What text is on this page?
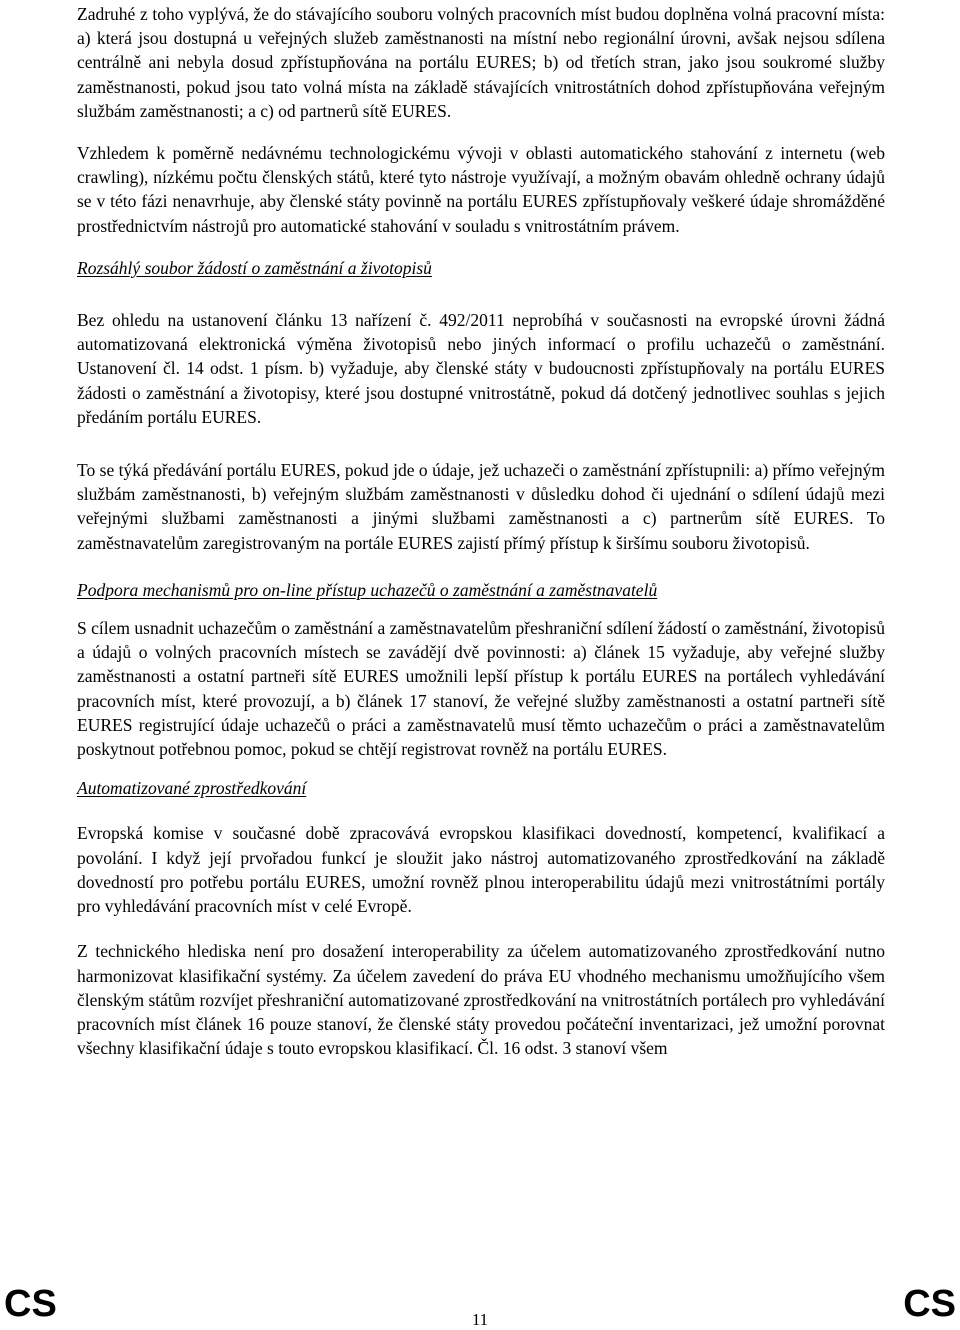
Zadruhé z toho vyplývá, že do stávajícího souboru volných pracovních míst budou doplněna volná pracovní místa: a) která jsou dostupná u veřejných služeb zaměstnanosti na místní nebo regionální úrovni, avšak nejsou sdílena centrálně ani nebyla dosud zpřístupňována na portálu EURES; b) od třetích stran, jako jsou soukromé služby zaměstnanosti, pokud jsou tato volná místa na základě stávajících vnitrostátních dohod zpřístupňována veřejným službám zaměstnanosti; a c) od partnerů sítě EURES.

Vzhledem k poměrně nedávnému technologickému vývoji v oblasti automatického stahování z internetu (web crawling), nízkému počtu členských států, které tyto nástroje využívají, a možným obavám ohledně ochrany údajů se v této fázi nenavrhuje, aby členské státy povinně na portálu EURES zpřístupňovaly veškeré údaje shromážděné prostřednictvím nástrojů pro automatické stahování v souladu s vnitrostátním právem.

Rozsáhlý soubor žádostí o zaměstnání a životopisů

Bez ohledu na ustanovení článku 13 nařízení č. 492/2011 neprobíhá v současnosti na evropské úrovni žádná automatizovaná elektronická výměna životopisů nebo jiných informací o profilu uchazečů o zaměstnání. Ustanovení čl. 14 odst. 1 písm. b) vyžaduje, aby členské státy v budoucnosti zpřístupňovaly na portálu EURES žádosti o zaměstnání a životopisy, které jsou dostupné vnitrostátně, pokud dá dotčený jednotlivec souhlas s jejich předáním portálu EURES.

To se týká předávání portálu EURES, pokud jde o údaje, jež uchazeči o zaměstnání zpřístupnili: a) přímo veřejným službám zaměstnanosti, b) veřejným službám zaměstnanosti v důsledku dohod či ujednání o sdílení údajů mezi veřejnými službami zaměstnanosti a jinými službami zaměstnanosti a c) partnerům sítě EURES. To zaměstnavatelům zaregistrovaným na portále EURES zajistí přímý přístup k širšímu souboru životopisů.

Podpora mechanismů pro on-line přístup uchazečů o zaměstnání a zaměstnavatelů

S cílem usnadnit uchazečům o zaměstnání a zaměstnavatelům přeshraniční sdílení žádostí o zaměstnání, životopisů a údajů o volných pracovních místech se zavádějí dvě povinnosti: a) článek 15 vyžaduje, aby veřejné služby zaměstnanosti a ostatní partneři sítě EURES umožnili lepší přístup k portálu EURES na portálech vyhledávání pracovních míst, které provozují, a b) článek 17 stanoví, že veřejné služby zaměstnanosti a ostatní partneři sítě EURES registrující údaje uchazečů o práci a zaměstnavatelů musí těmto uchazečům o práci a zaměstnavatelům poskytnout potřebnou pomoc, pokud se chtějí registrovat rovněž na portálu EURES.

Automatizované zprostředkování

Evropská komise v současné době zpracovává evropskou klasifikaci dovedností, kompetencí, kvalifikací a povolání. I když její prvořadou funkcí je sloužit jako nástroj automatizovaného zprostředkování na základě dovedností pro potřebu portálu EURES, umožní rovněž plnou interoperabilitu údajů mezi vnitrostátními portály pro vyhledávání pracovních míst v celé Evropě.

Z technického hlediska není pro dosažení interoperability za účelem automatizovaného zprostředkování nutno harmonizovat klasifikační systémy. Za účelem zavedení do práva EU vhodného mechanismu umožňujícího všem členským státům rozvíjet přeshraniční automatizované zprostředkování na vnitrostátních portálech pro vyhledávání pracovních míst článek 16 pouze stanoví, že členské státy provedou počáteční inventarizaci, jež umožní porovnat všechny klasifikační údaje s touto evropskou klasifikací. Čl. 16 odst. 3 stanoví všem

CS	11	CS
